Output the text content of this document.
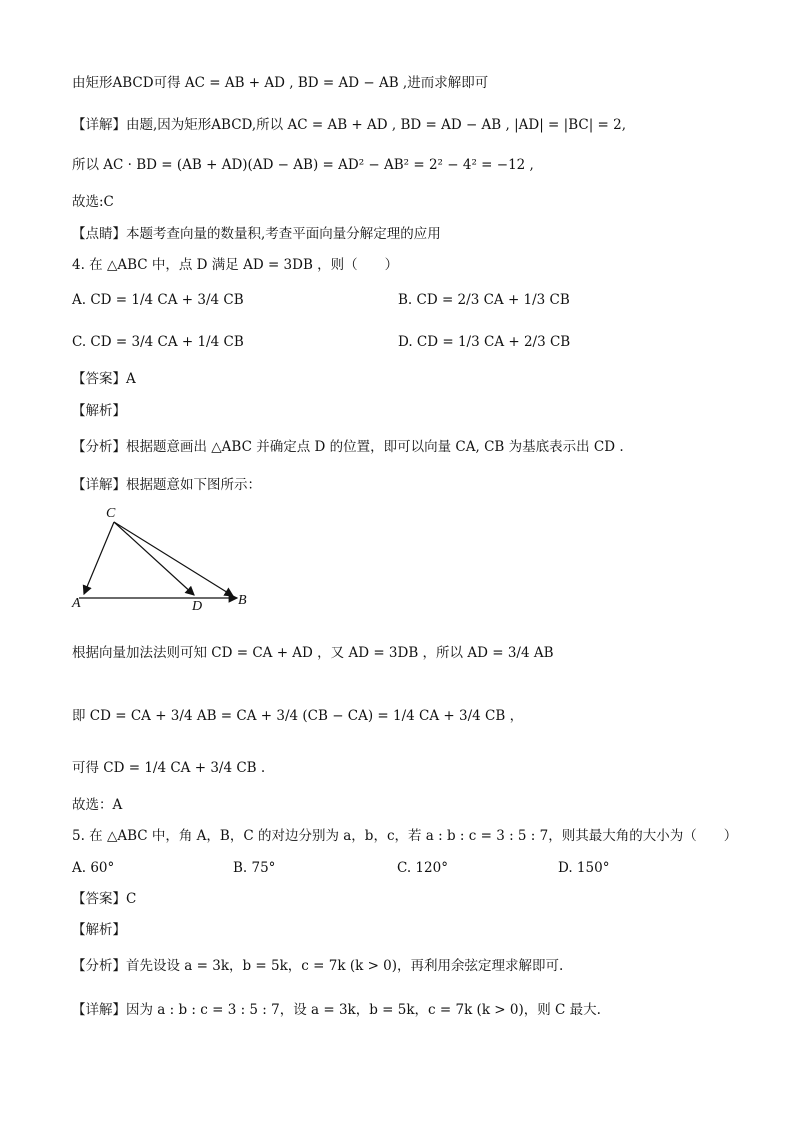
由矩形ABCD可得 AC = AB + AD , BD = AD − AB ,进而求解即可
【详解】由题,因为矩形ABCD,所以 AC = AB + AD , BD = AD − AB , |AD| = |BC| = 2,
所以 AC · BD = (AB + AD)(AD − AB) = AD² − AB² = 2² − 4² = −12 ,
故选:C
【点睛】本题考查向量的数量积,考查平面向量分解定理的应用
4. 在 △ABC 中，点 D 满足 AD = 3DB ，则（　　）
A. CD = 1/4 CA + 3/4 CB	B. CD = 2/3 CA + 1/3 CB
C. CD = 3/4 CA + 1/4 CB	D. CD = 1/3 CA + 2/3 CB
【答案】A
【解析】
【分析】根据题意画出 △ABC 并确定点 D 的位置，即可以向量 CA, CB 为基底表示出 CD .
【详解】根据题意如下图所示：
C
A	D	B
根据向量加法法则可知 CD = CA + AD ，又 AD = 3DB ，所以 AD = 3/4 AB
即 CD = CA + 3/4 AB = CA + 3/4 (CB − CA) = 1/4 CA + 3/4 CB ，
可得 CD = 1/4 CA + 3/4 CB .
故选：A
5. 在 △ABC 中，角 A，B，C 的对边分别为 a，b，c，若 a : b : c = 3 : 5 : 7，则其最大角的大小为（　　）
A. 60°	B. 75°	C. 120°	D. 150°
【答案】C
【解析】
【分析】首先设设 a = 3k，b = 5k，c = 7k (k > 0)，再利用余弦定理求解即可.
【详解】因为 a : b : c = 3 : 5 : 7，设 a = 3k，b = 5k，c = 7k (k > 0)，则 C 最大.
